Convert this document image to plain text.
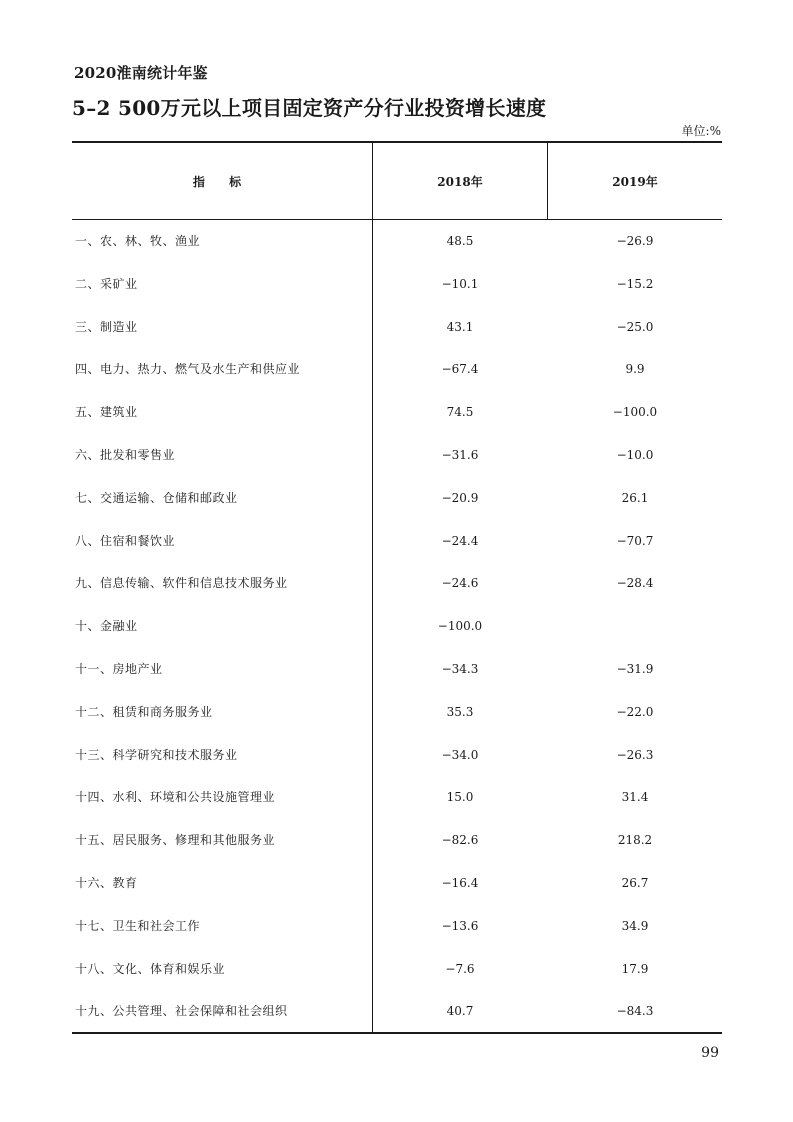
2020淮南统计年鉴
5–2 500万元以上项目固定资产分行业投资增长速度
单位:%
指 标	2018年	2019年
一、农、林、牧、渔业	48.5	−26.9
二、采矿业	−10.1	−15.2
三、制造业	43.1	−25.0
四、电力、热力、燃气及水生产和供应业	−67.4	9.9
五、建筑业	74.5	−100.0
六、批发和零售业	−31.6	−10.0
七、交通运输、仓储和邮政业	−20.9	26.1
八、住宿和餐饮业	−24.4	−70.7
九、信息传输、软件和信息技术服务业	−24.6	−28.4
十、金融业	−100.0
十一、房地产业	−34.3	−31.9
十二、租赁和商务服务业	35.3	−22.0
十三、科学研究和技术服务业	−34.0	−26.3
十四、水利、环境和公共设施管理业	15.0	31.4
十五、居民服务、修理和其他服务业	−82.6	218.2
十六、教育	−16.4	26.7
十七、卫生和社会工作	−13.6	34.9
十八、文化、体育和娱乐业	−7.6	17.9
十九、公共管理、社会保障和社会组织	40.7	−84.3
99
